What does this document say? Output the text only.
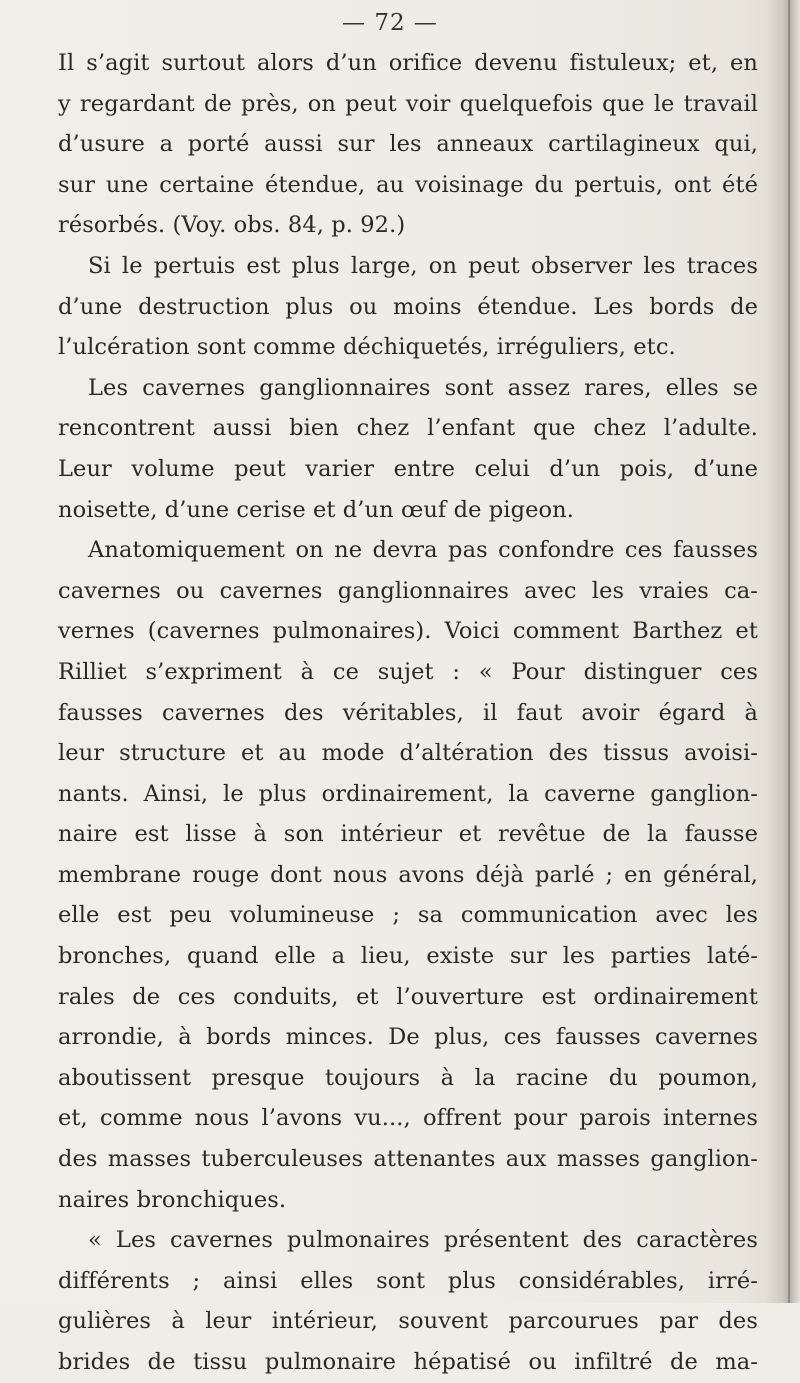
— 72 —
Il s’agit surtout alors d’un orifice devenu fistuleux; et, en
y regardant de près, on peut voir quelquefois que le travail
d’usure a porté aussi sur les anneaux cartilagineux qui,
sur une certaine étendue, au voisinage du pertuis, ont été
résorbés. (Voy. obs. 84, p. 92.)
Si le pertuis est plus large, on peut observer les traces
d’une destruction plus ou moins étendue. Les bords de
l’ulcération sont comme déchiquetés, irréguliers, etc.
Les cavernes ganglionnaires sont assez rares, elles se
rencontrent aussi bien chez l’enfant que chez l’adulte.
Leur volume peut varier entre celui d’un pois, d’une
noisette, d’une cerise et d’un œuf de pigeon.
Anatomiquement on ne devra pas confondre ces fausses
cavernes ou cavernes ganglionnaires avec les vraies ca-
vernes (cavernes pulmonaires). Voici comment Barthez et
Rilliet s’expriment à ce sujet : « Pour distinguer ces
fausses cavernes des véritables, il faut avoir égard à
leur structure et au mode d’altération des tissus avoisi-
nants. Ainsi, le plus ordinairement, la caverne ganglion-
naire est lisse à son intérieur et revêtue de la fausse
membrane rouge dont nous avons déjà parlé ; en général,
elle est peu volumineuse ; sa communication avec les
bronches, quand elle a lieu, existe sur les parties laté-
rales de ces conduits, et l’ouverture est ordinairement
arrondie, à bords minces. De plus, ces fausses cavernes
aboutissent presque toujours à la racine du poumon,
et, comme nous l’avons vu..., offrent pour parois internes
des masses tuberculeuses attenantes aux masses ganglion-
naires bronchiques.
« Les cavernes pulmonaires présentent des caractères
différents ; ainsi elles sont plus considérables, irré-
gulières à leur intérieur, souvent parcourues par des
brides de tissu pulmonaire hépatisé ou infiltré de ma-
